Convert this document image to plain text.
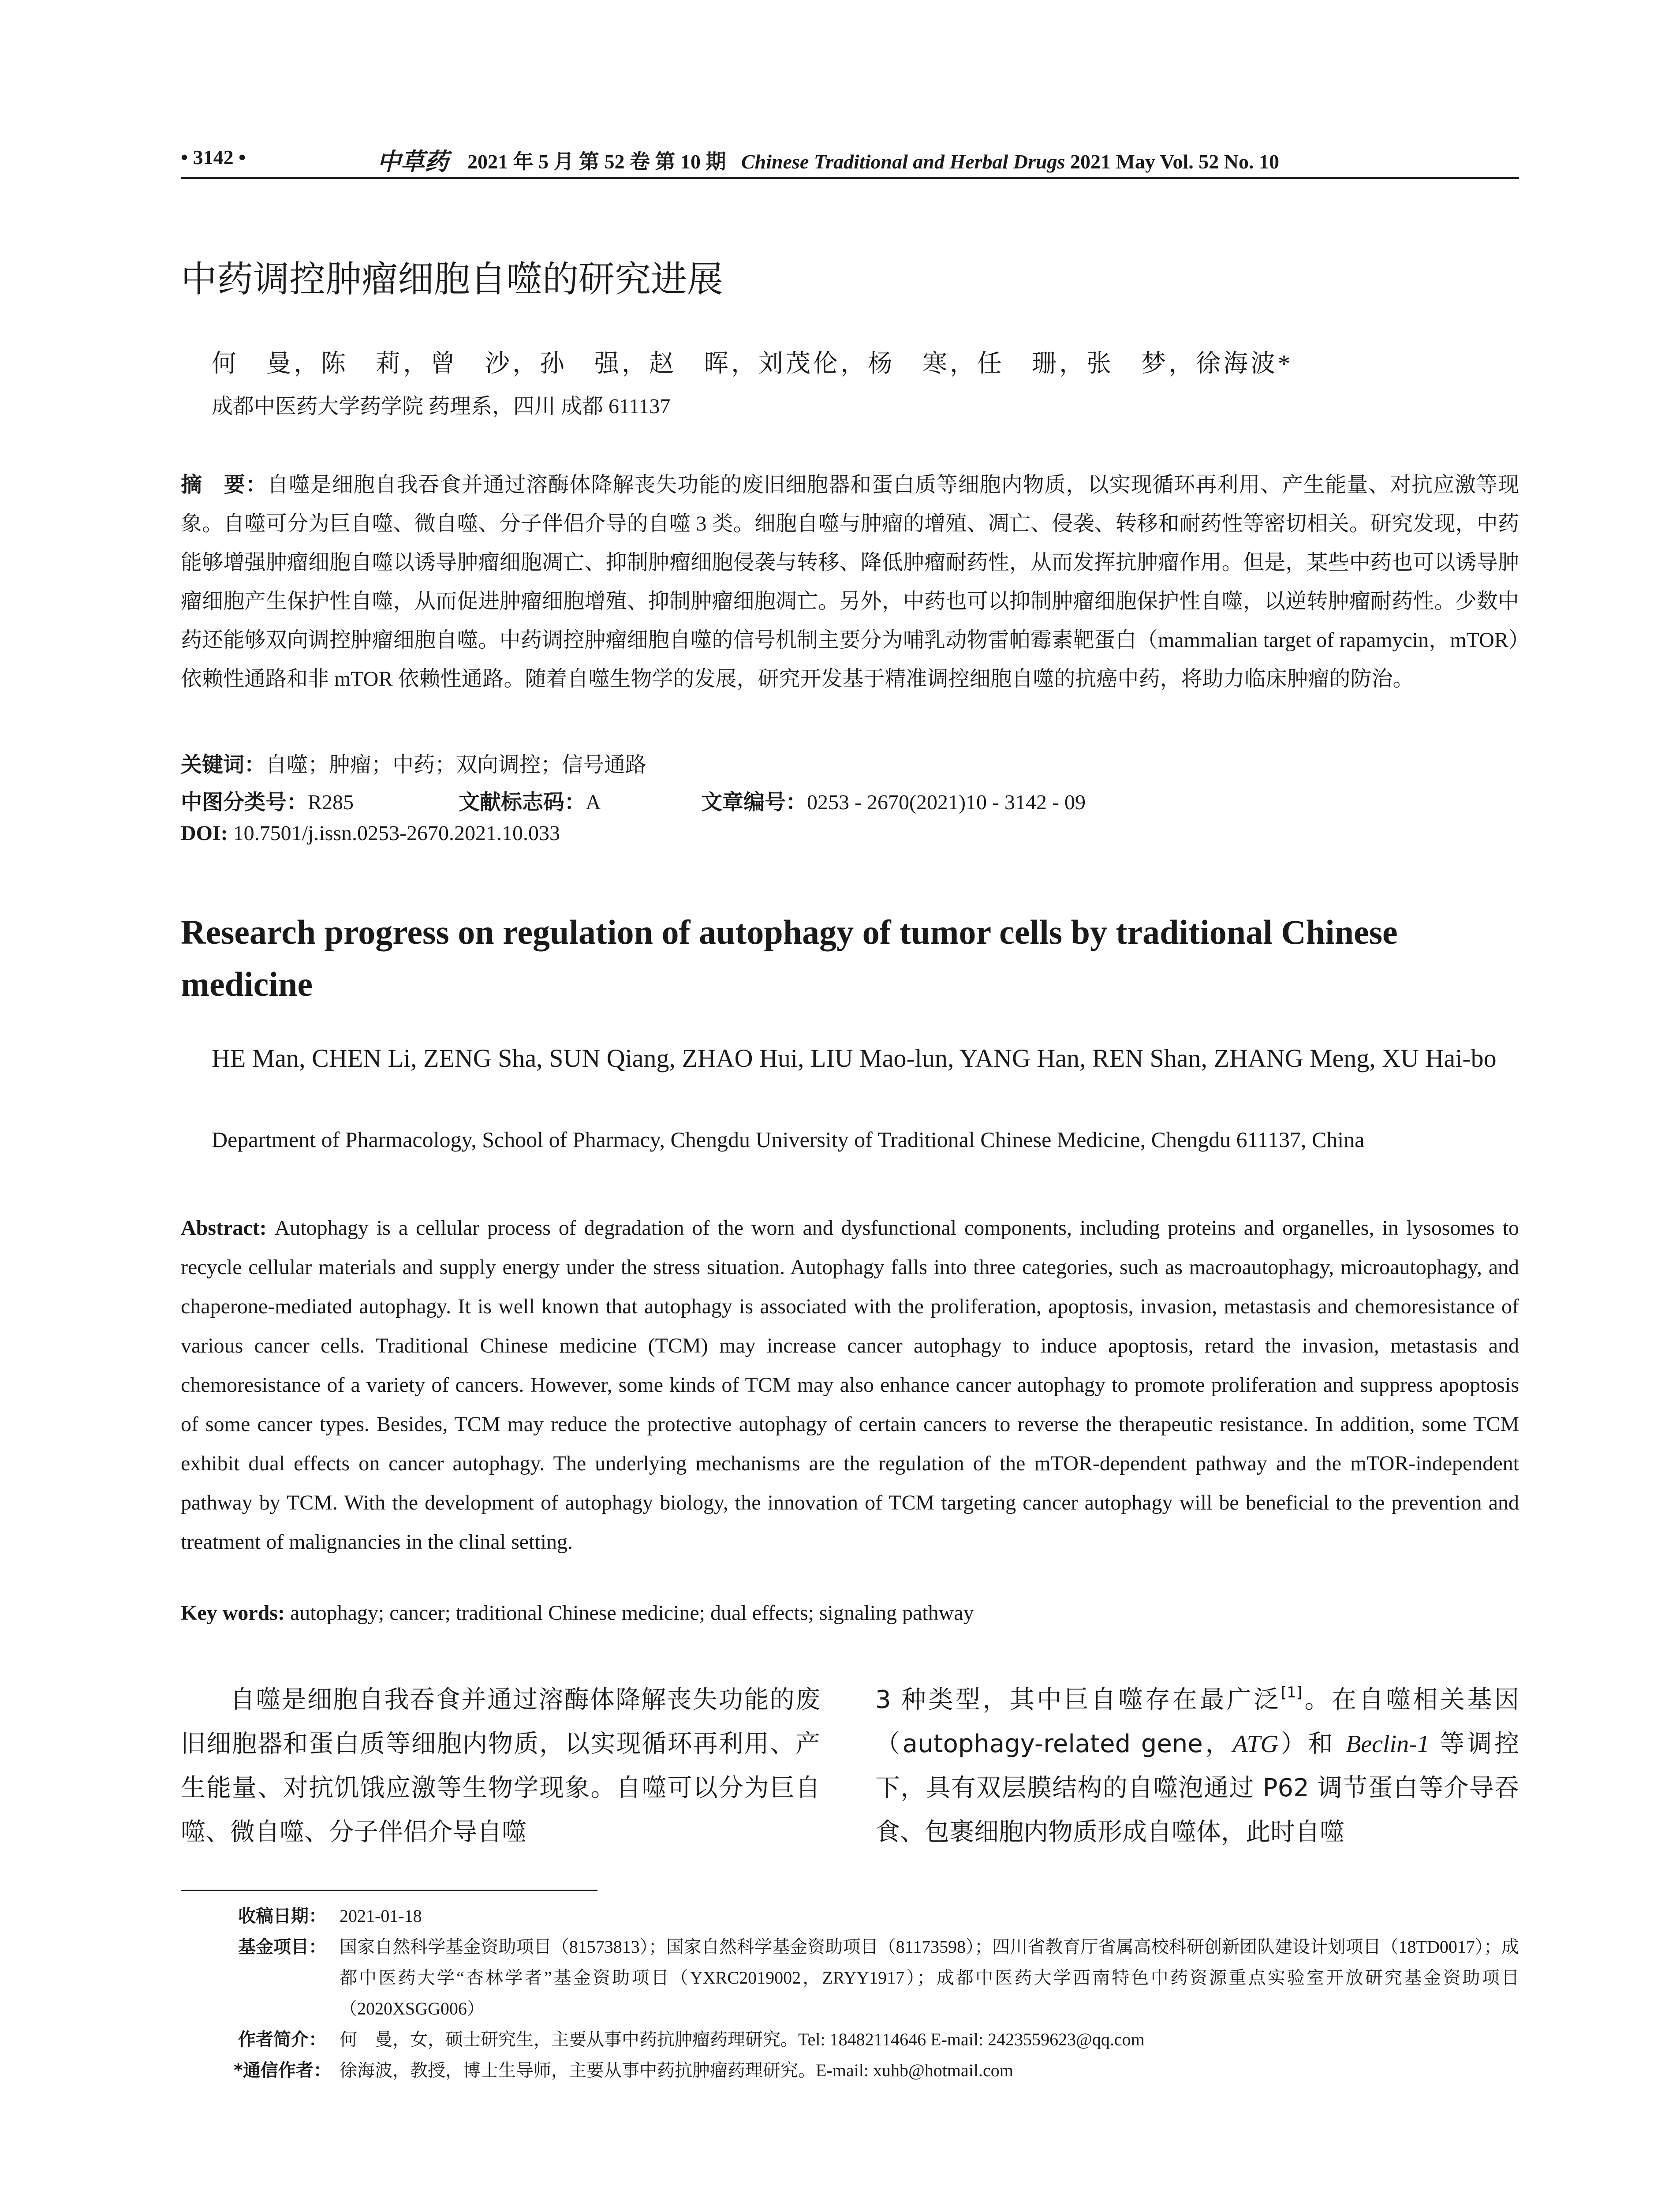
• 3142 •	中草药 2021 年 5 月 第 52 卷 第 10 期 Chinese Traditional and Herbal Drugs 2021 May Vol. 52 No. 10
中药调控肿瘤细胞自噬的研究进展
何　曼，陈　莉，曾　沙，孙　强，赵　晖，刘茂伦，杨　寒，任　珊，张　梦，徐海波*
成都中医药大学药学院 药理系，四川 成都 611137
摘　要：自噬是细胞自我吞食并通过溶酶体降解丧失功能的废旧细胞器和蛋白质等细胞内物质，以实现循环再利用、产生能量、对抗应激等现象。自噬可分为巨自噬、微自噬、分子伴侣介导的自噬 3 类。细胞自噬与肿瘤的增殖、凋亡、侵袭、转移和耐药性等密切相关。研究发现，中药能够增强肿瘤细胞自噬以诱导肿瘤细胞凋亡、抑制肿瘤细胞侵袭与转移、降低肿瘤耐药性，从而发挥抗肿瘤作用。但是，某些中药也可以诱导肿瘤细胞产生保护性自噬，从而促进肿瘤细胞增殖、抑制肿瘤细胞凋亡。另外，中药也可以抑制肿瘤细胞保护性自噬，以逆转肿瘤耐药性。少数中药还能够双向调控肿瘤细胞自噬。中药调控肿瘤细胞自噬的信号机制主要分为哺乳动物雷帕霉素靶蛋白（mammalian target of rapamycin，mTOR）依赖性通路和非 mTOR 依赖性通路。随着自噬生物学的发展，研究开发基于精准调控细胞自噬的抗癌中药，将助力临床肿瘤的防治。
关键词：自噬；肿瘤；中药；双向调控；信号通路
中图分类号：R285	文献标志码：A	文章编号：0253 - 2670(2021)10 - 3142 - 09
DOI: 10.7501/j.issn.0253-2670.2021.10.033
Research progress on regulation of autophagy of tumor cells by traditional Chinese medicine
HE Man, CHEN Li, ZENG Sha, SUN Qiang, ZHAO Hui, LIU Mao-lun, YANG Han, REN Shan, ZHANG Meng, XU Hai-bo
Department of Pharmacology, School of Pharmacy, Chengdu University of Traditional Chinese Medicine, Chengdu 611137, China
Abstract: Autophagy is a cellular process of degradation of the worn and dysfunctional components, including proteins and organelles, in lysosomes to recycle cellular materials and supply energy under the stress situation. Autophagy falls into three categories, such as macroautophagy, microautophagy, and chaperone-mediated autophagy. It is well known that autophagy is associated with the proliferation, apoptosis, invasion, metastasis and chemoresistance of various cancer cells. Traditional Chinese medicine (TCM) may increase cancer autophagy to induce apoptosis, retard the invasion, metastasis and chemoresistance of a variety of cancers. However, some kinds of TCM may also enhance cancer autophagy to promote proliferation and suppress apoptosis of some cancer types. Besides, TCM may reduce the protective autophagy of certain cancers to reverse the therapeutic resistance. In addition, some TCM exhibit dual effects on cancer autophagy. The underlying mechanisms are the regulation of the mTOR-dependent pathway and the mTOR-independent pathway by TCM. With the development of autophagy biology, the innovation of TCM targeting cancer autophagy will be beneficial to the prevention and treatment of malignancies in the clinal setting.
Key words: autophagy; cancer; traditional Chinese medicine; dual effects; signaling pathway
自噬是细胞自我吞食并通过溶酶体降解丧失功能的废旧细胞器和蛋白质等细胞内物质，以实现循环再利用、产生能量、对抗饥饿应激等生物学现象。自噬可以分为巨自噬、微自噬、分子伴侣介导自噬
3 种类型，其中巨自噬存在最广泛[1]。在自噬相关基因（autophagy-related gene，ATG）和 Beclin-1 等调控下，具有双层膜结构的自噬泡通过 P62 调节蛋白等介导吞食、包裹细胞内物质形成自噬体，此时自噬
收稿日期： 2021-01-18
基金项目： 国家自然科学基金资助项目（81573813）；国家自然科学基金资助项目（81173598）；四川省教育厅省属高校科研创新团队建设计划项目（18TD0017）；成都中医药大学“杏林学者”基金资助项目（YXRC2019002，ZRYY1917）；成都中医药大学西南特色中药资源重点实验室开放研究基金资助项目（2020XSGG006）
作者简介： 何　曼，女，硕士研究生，主要从事中药抗肿瘤药理研究。Tel: 18482114646 E-mail: 2423559623@qq.com
*通信作者： 徐海波，教授，博士生导师，主要从事中药抗肿瘤药理研究。E-mail: xuhb@hotmail.com
